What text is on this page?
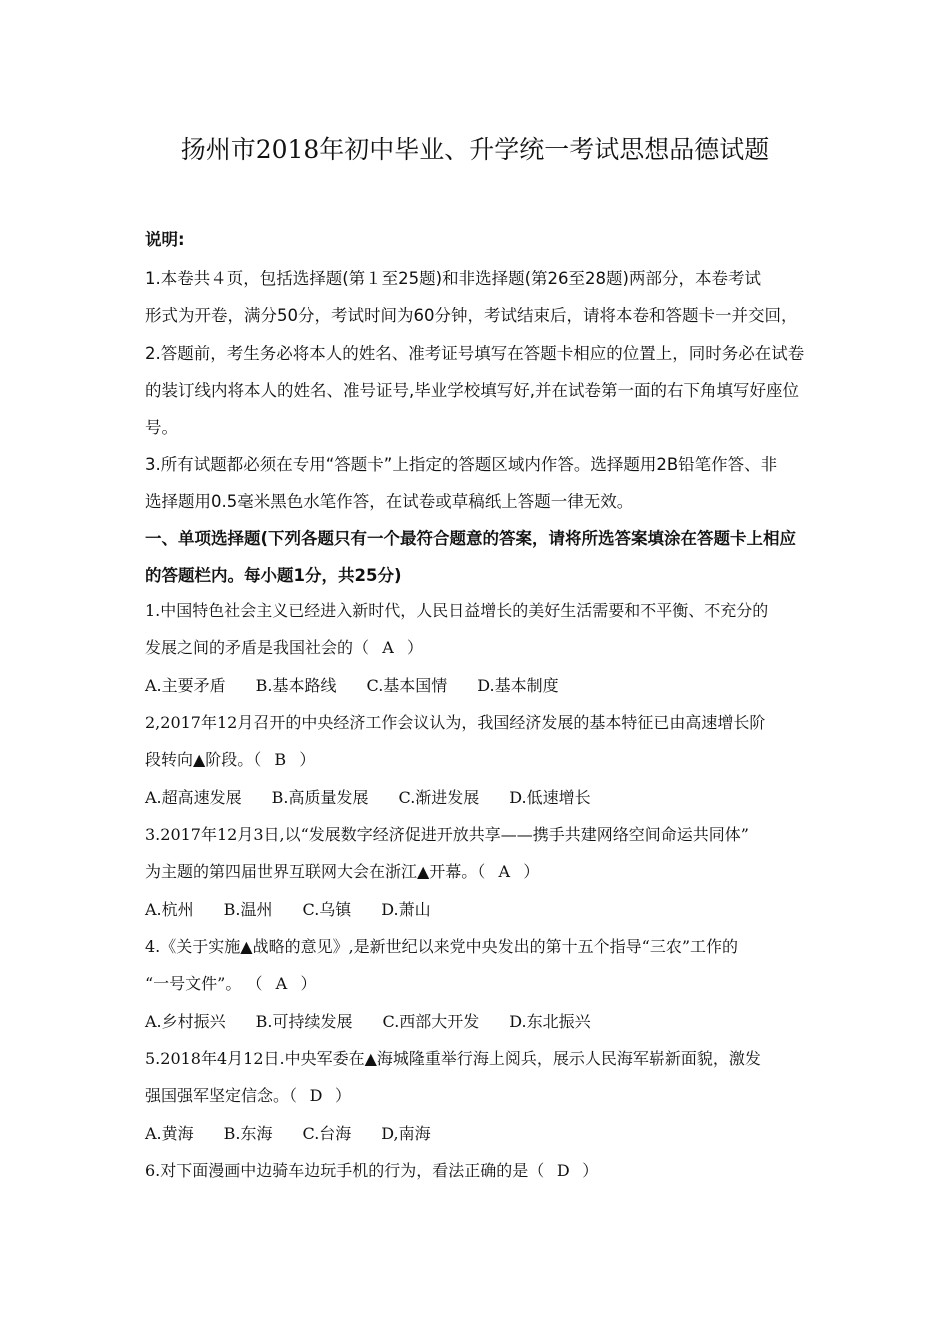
扬州市2018年初中毕业、升学统一考试思想品德试题
说明:
1.本卷共４页，包括选择题(第１至25题)和非选择题(第26至28题)两部分，本卷考试
形式为开卷，满分50分，考试时间为60分钟，考试结束后，请将本卷和答题卡一并交回，
2.答题前，考生务必将本人的姓名、准考证号填写在答题卡相应的位置上，同时务必在试卷
的装订线内将本人的姓名、准号证号,毕业学校填写好,并在试卷第一面的右下角填写好座位
号。
3.所有试题都必须在专用“答题卡”上指定的答题区域内作答。选择题用2B铅笔作答、非
选择题用0.5毫米黑色水笔作答，在试卷或草稿纸上答题一律无效。
一、单项选择题(下列各题只有一个最符合题意的答案，请将所选答案填涂在答题卡上相应
的答题栏内。每小题1分，共25分)
1.中国特色社会主义已经进入新时代，人民日益增长的美好生活需要和不平衡、不充分的
发展之间的矛盾是我国社会的（ A ）
A.主要矛盾 B.基本路线 C.基本国情 D.基本制度
2,2017年12月召开的中央经济工作会议认为，我国经济发展的基本特征已由高速增长阶
段转向▲阶段。（ B ）
A.超高速发展 B.高质量发展 C.渐进发展 D.低速增长
3.2017年12月3日,以“发展数字经济促进开放共享——携手共建网络空间命运共同体”
为主题的第四届世界互联网大会在浙江▲开幕。（ A ）
A.杭州 B.温州 C.乌镇 D.萧山
4.《关于实施▲战略的意见》,是新世纪以来党中央发出的第十五个指导“三农”工作的
“一号文件”。 （ A ）
A.乡村振兴 B.可持续发展 C.西部大开发 D.东北振兴
5.2018年4月12日.中央军委在▲海城隆重举行海上阅兵，展示人民海军崭新面貌，激发
强国强军坚定信念。（ D ）
A.黄海 B.东海 C.台海 D,南海
6.对下面漫画中边骑车边玩手机的行为，看法正确的是（ D ）
